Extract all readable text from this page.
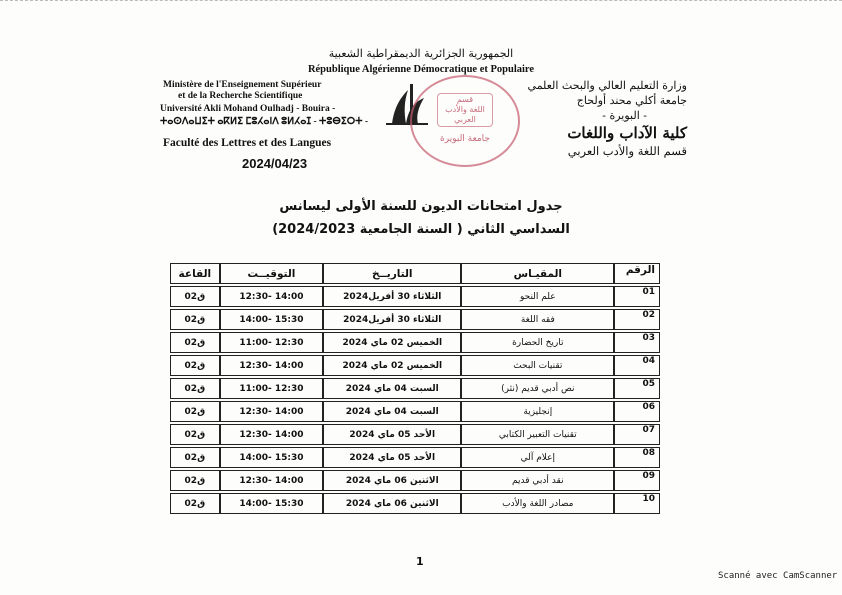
الجمهورية الجزائرية الديمقراطية الشعبية
République Algérienne Démocratique et Populaire
Ministère de l'Enseignement Supérieur
et de la Recherche Scientifique
Université Akli Mohand Oulhadj - Bouira -
ⵜⴰⵙⴷⴰⵡⵉⵜ ⴰⴽⵍⵉ ⵎⵓⵃⴰⵏⴷ ⵓⵍⵃⴰⵊ - ⵜⵓⴱⵉⵔⵜ -
Faculté des Lettres et des Langues
2024/04/23
قسم
اللغة والأدب
العربي
جامعة البويرة
وزارة التعليم العالي والبحث العلمي
جامعة أكلي محند أولحاج
- البويرة -
كلية الآداب واللغات
قسم اللغة والأدب العربي
جدول امتحانات الديون للسنة الأولى ليسانس
السداسي الثاني ( السنة الجامعية 2024/2023)
الرقم	المقيـاس	التاريــخ	التوقيــت	القاعة
01	علم النحو	الثلاثاء 30 أفريل2024	12:30- 14:00	ق02
02	فقه اللغة	الثلاثاء 30 أفريل2024	14:00- 15:30	ق02
03	تاريخ الحضارة	الخميس 02 ماي 2024	11:00- 12:30	ق02
04	تقنيات البحث	الخميس 02 ماي 2024	12:30- 14:00	ق02
05	نص أدبي قديم (نثر)	السبت 04 ماي 2024	11:00- 12:30	ق02
06	إنجليزية	السبت 04 ماي 2024	12:30- 14:00	ق02
07	تقنيات التعبير الكتابي	الأحد 05 ماي 2024	12:30- 14:00	ق02
08	إعلام آلي	الأحد 05 ماي 2024	14:00- 15:30	ق02
09	نقد أدبي قديم	الاثنين 06 ماي 2024	12:30- 14:00	ق02
10	مصادر اللغة والأدب	الاثنين 06 ماي 2024	14:00- 15:30	ق02
1
Scanné avec CamScanner
